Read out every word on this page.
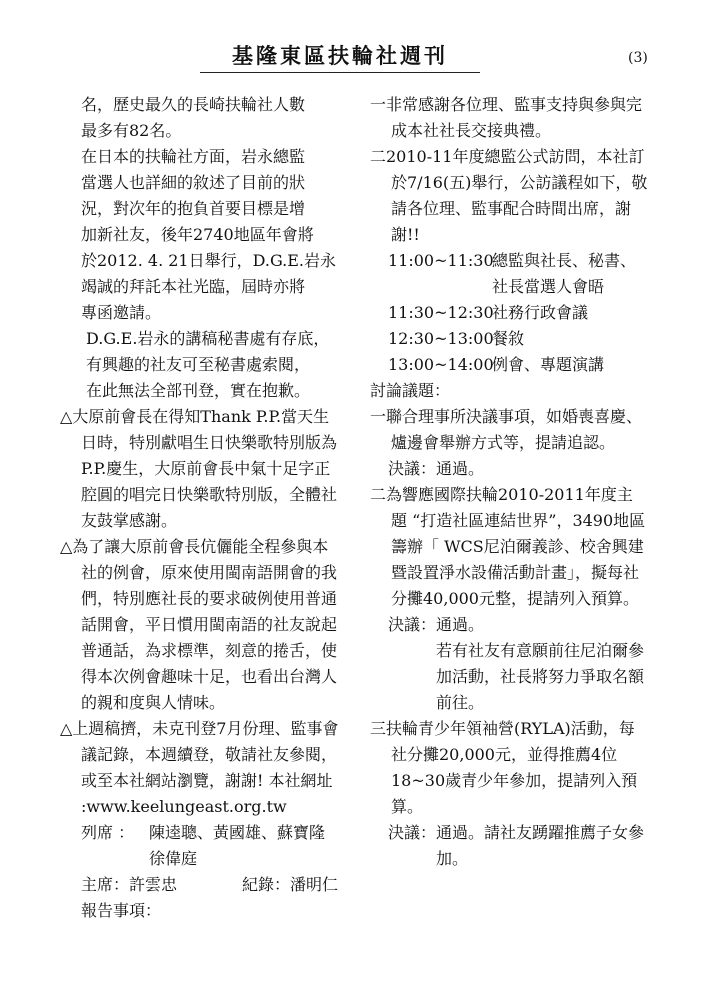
基隆東區扶輪社週刊	(3)
名，歷史最久的長崎扶輪社人數
最多有82名。
在日本的扶輪社方面，岩永總監
當選人也詳細的敘述了目前的狀
況，對次年的抱負首要目標是增
加新社友，後年2740地區年會將
於2012. 4. 21日舉行，D.G.E.岩永
竭誠的拜託本社光臨，屆時亦將
專函邀請。
D.G.E.岩永的講稿秘書處有存底，
有興趣的社友可至秘書處索閱，
在此無法全部刊登，實在抱歉。
△大原前會長在得知Thank P.P.當天生日時，特別獻唱生日快樂歌特別版為P.P.慶生，大原前會長中氣十足字正腔圓的唱完日快樂歌特別版，全體社友鼓掌感謝。
△為了讓大原前會長伉儷能全程參與本社的例會，原來使用閩南語開會的我們，特別應社長的要求破例使用普通話開會，平日慣用閩南語的社友說起普通話，為求標準，刻意的捲舌，使得本次例會趣味十足，也看出台灣人的親和度與人情味。
△上週稿擠，未克刊登7月份理、監事會議記錄，本週續登，敬請社友參閱，或至本社網站瀏覽，謝謝! 本社網址 :www.keelungeast.org.tw
列席 ： 陳逵聰、黃國雄、蘇寶隆
徐偉庭
主席：許雲忠	紀錄：潘明仁
報告事項：
一非常感謝各位理、監事支持與參與完成本社社長交接典禮。
二2010-11年度總監公式訪問，本社訂於7/16(五)舉行，公訪議程如下，敬請各位理、監事配合時間出席，謝謝!!
11:00~11:30
總監與社長、秘書、社長當選人會晤
11:30~12:30
社務行政會議
12:30~13:00
餐敘
13:00~14:00
例會、專題演講
討論議題：
一聯合理事所決議事項，如婚喪喜慶、爐邊會舉辦方式等，提請追認。
決議： 通過。
二為響應國際扶輪2010-2011年度主題 “打造社區連結世界”，3490地區籌辦「 WCS尼泊爾義診、校舍興建暨設置淨水設備活動計畫」，擬每社分攤40,000元整，提請列入預算。
決議： 通過。
若有社友有意願前往尼泊爾參加活動，社長將努力爭取名額前往。
三扶輪青少年領袖營(RYLA)活動，每社分攤20,000元，並得推薦4位18~30歲青少年參加，提請列入預算。
決議： 通過。請社友踴躍推薦子女參加。
